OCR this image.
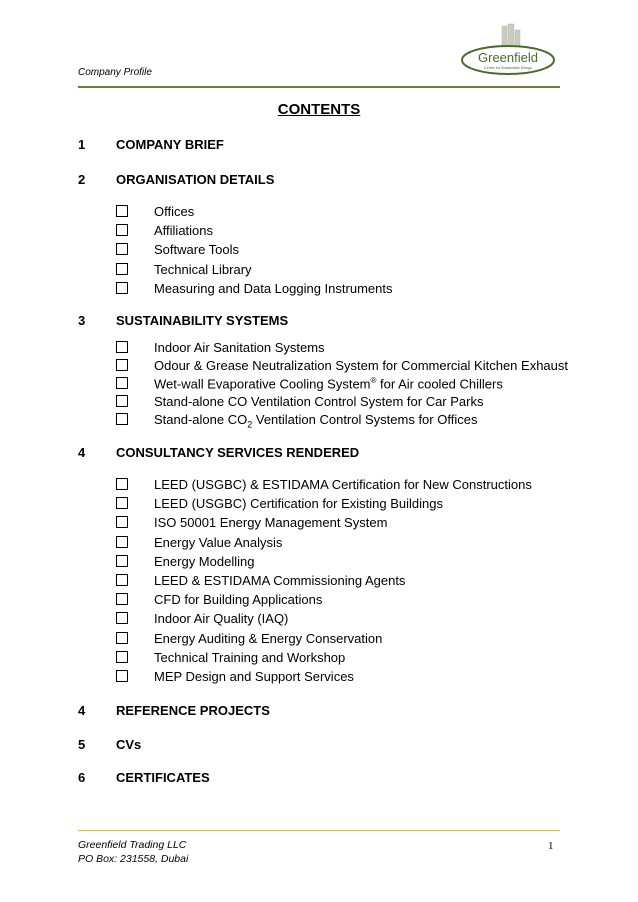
Company Profile
Greenfield
Centre for Sustainable Design
CONTENTS
1 COMPANY BRIEF
2 ORGANISATION DETAILS
Offices
Affiliations
Software Tools
Technical Library
Measuring and Data Logging Instruments
3 SUSTAINABILITY SYSTEMS
Indoor Air Sanitation Systems
Odour & Grease Neutralization System for Commercial Kitchen Exhaust
Wet-wall Evaporative Cooling System® for Air cooled Chillers
Stand-alone CO Ventilation Control System for Car Parks
Stand-alone $CO_2$ Ventilation Control Systems for Offices
4 CONSULTANCY SERVICES RENDERED
LEED (USGBC) & ESTIDAMA Certification for New Constructions
LEED (USGBC) Certification for Existing Buildings
ISO 50001 Energy Management System
Energy Value Analysis
Energy Modelling
LEED & ESTIDAMA Commissioning Agents
CFD for Building Applications
Indoor Air Quality (IAQ)
Energy Auditing & Energy Conservation
Technical Training and Workshop
MEP Design and Support Services
4 REFERENCE PROJECTS
5 CVs
6 CERTIFICATES
Greenfield Trading LLC
PO Box: 231558, Dubai
1
